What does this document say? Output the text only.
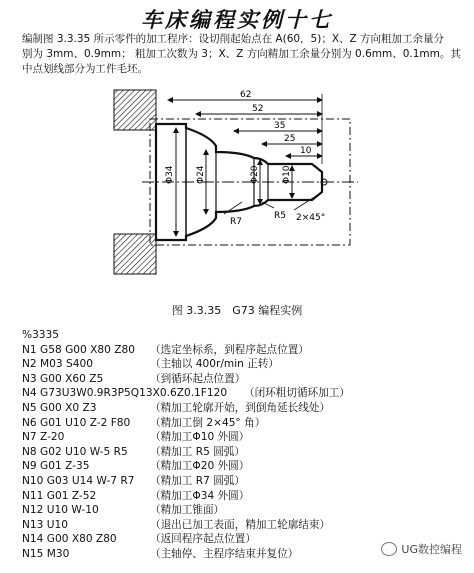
车床编程实例十七
编制图 3.3.35 所示零件的加工程序：设切削起始点在 A(60，5)；X、Z 方向粗加工余量分
别为 3mm、0.9mm； 粗加工次数为 3；X、Z 方向精加工余量分别为 0.6mm、0.1mm。其
中点划线部分为工件毛坯。
62
52
35
25
10
Φ34 Φ24	Φ20 Φ10
R7
R5 2×45°
图 3.3.35　G73 编程实例
%3335
N1 G58 G00 X80 Z80 （选定坐标系，到程序起点位置）
N2 M03 S400	（主轴以 400r/min 正转）
N3 G00 X60 Z5	（到循环起点位置）
N4 G73U3W0.9R3P5Q13X0.6Z0.1F120 （闭环粗切循环加工）
N5 G00 X0 Z3	（精加工轮廓开始，到倒角延长线处）
N6 G01 U10 Z-2 F80 （精加工倒 2×45° 角）
N7 Z-20	（精加工Φ10 外圆）
N8 G02 U10 W-5 R5 （精加工 R5 圆弧）
N9 G01 Z-35	（精加工Φ20 外圆）
N10 G03 U14 W-7 R7 （精加工 R7 圆弧）
N11 G01 Z-52	（精加工Φ34 外圆）
N12 U10 W-10	（精加工锥面）
N13 U10	（退出已加工表面，精加工轮廓结束）
N14 G00 X80 Z80	（返回程序起点位置）
N15 M30	（主轴停、主程序结束并复位）	UG数控编程
